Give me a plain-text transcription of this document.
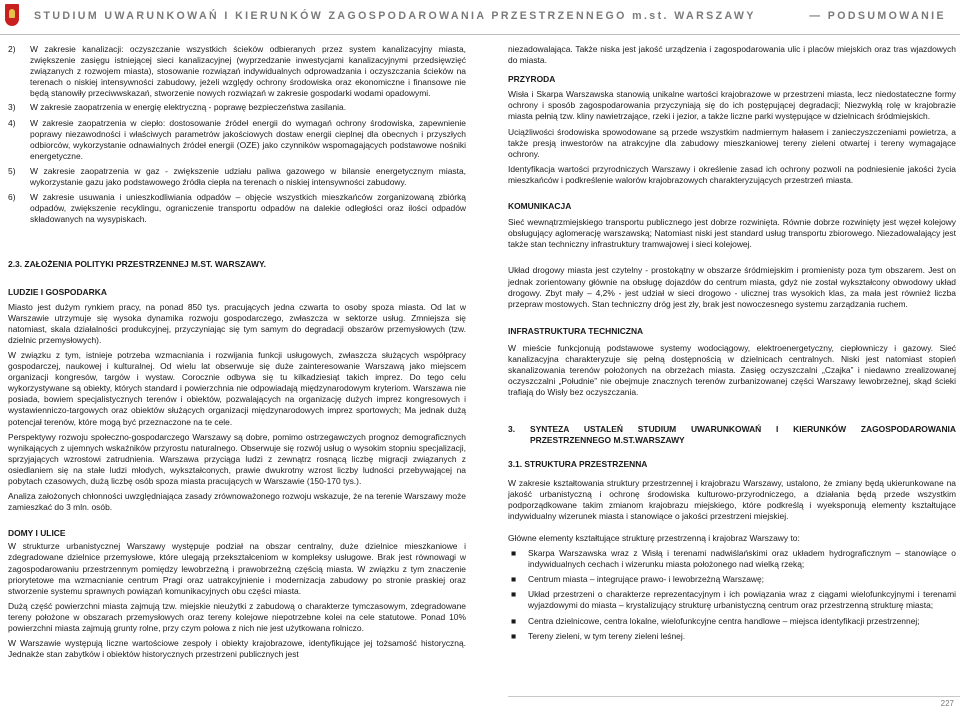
STUDIUM UWARUNKOWAŃ I KIERUNKÓW ZAGOSPODAROWANIA PRZESTRZENNEGO m.st. WARSZAWY	— PODSUMOWANIE
2)	W zakresie kanalizacji: oczyszczanie wszystkich ścieków odbieranych przez system kanalizacyjny miasta, zwiększenie zasięgu istniejącej sieci kanalizacyjnej (wyprzedzanie inwestycjami kanalizacyjnymi przedsięwzięć związanych z rozwojem miasta), stosowanie rozwiązań indywidualnych odprowadzania i oczyszczania ścieków na terenach o niskiej intensywności zabudowy, jeżeli względy ochrony środowiska oraz ekonomiczne i finansowe nie będą stanowiły przeciwwskazań, stworzenie nowych rozwiązań w zakresie gospodarki wodami opadowymi.
3)	W zakresie zaopatrzenia w energię elektryczną - poprawę bezpieczeństwa zasilania.
4)	W zakresie zaopatrzenia w ciepło: dostosowanie źródeł energii do wymagań ochrony środowiska, zapewnienie poprawy niezawodności i właściwych parametrów jakościowych dostaw energii cieplnej dla obecnych i przyszłych odbiorców, wykorzystanie odnawialnych źródeł energii (OZE) jako czynników wspomagających podstawowe nośniki energetyczne.
5)	W zakresie zaopatrzenia w gaz - zwiększenie udziału paliwa gazowego w bilansie energetycznym miasta, wykorzystanie gazu jako podstawowego źródła ciepła na terenach o niskiej intensywności zabudowy.
6)	W zakresie usuwania i unieszkodliwiania odpadów – objęcie wszystkich mieszkańców zorganizowaną zbiórką odpadów, zwiększenie recyklingu, ograniczenie transportu odpadów na dalekie odległości oraz ilości odpadów składowanych na wysypiskach.

2.3. ZAŁOŻENIA POLITYKI PRZESTRZENNEJ M.ST. WARSZAWY.

LUDZIE I GOSPODARKA

Miasto jest dużym rynkiem pracy, na ponad 850 tys. pracujących jedna czwarta to osoby spoza miasta. Od lat w Warszawie utrzymuje się wysoka dynamika rozwoju gospodarczego, zwłaszcza w sektorze usług. Zmniejsza się natomiast, skala działalności produkcyjnej, przyczyniając się tym samym do degradacji obszarów przemysłowych (tzw. dzielnic przemysłowych).

W związku z tym, istnieje potrzeba wzmacniania i rozwijania funkcji usługowych, zwłaszcza służących współpracy gospodarczej, naukowej i kulturalnej. Od wielu lat obserwuje się duże zainteresowanie Warszawą jako miejscem organizacji kongresów, targów i wystaw. Corocznie odbywa się tu kilkadziesiąt takich imprez. Do tego celu wykorzystywane są obiekty, których standard i powierzchnia nie odpowiadają międzynarodowym kryteriom. Warszawa nie posiada, bowiem specjalistycznych terenów i obiektów, pozwalających na organizację dużych imprez kongresowych i wystawienniczo-targowych oraz obiektów służących organizacji międzynarodowych imprez sportowych; Ma jednak dużą potencjał terenów, które mogą być przeznaczone na te cele.

Perspektywy rozwoju społeczno-gospodarczego Warszawy są dobre, pomimo ostrzegawczych prognoz demograficznych wynikających z ujemnych wskaźników przyrostu naturalnego. Obserwuje się rozwój usług o wysokim stopniu specjalizacji, sprzyjających wzrostowi zatrudnienia. Warszawa przyciąga ludzi z zewnątrz rosnącą liczbę migracji związanych z osiedlaniem się na stałe ludzi młodych, wykształconych, prawie dwukrotny wzrost liczby ludności przebywającej na pobytach czasowych, dużą liczbę osób spoza miasta pracujących w Warszawie (150-170 tys.).

Analiza założonych chłonności uwzględniająca zasady zrównoważonego rozwoju wskazuje, że na terenie Warszawy może zamieszkać do 3 mln. osób.

DOMY I ULICE

W strukturze urbanistycznej Warszawy występuje podział na obszar centralny, duże dzielnice mieszkaniowe i zdegradowane dzielnice przemysłowe, które ulegają przekształceniom w kompleksy usługowe. Brak jest równowagi w zagospodarowaniu przestrzennym pomiędzy lewobrzeżną i prawobrzeżną częścią miasta. W związku z tym znaczenie priorytetowe ma wzmacnianie centrum Pragi oraz uatrakcyjnienie i modernizacja zabudowy po stronie praskiej oraz stworzenie systemu sprawnych powiązań komunikacyjnych obu części miasta.

Dużą część powierzchni miasta zajmują tzw. miejskie nieużytki z zabudową o charakterze tymczasowym, zdegradowane tereny położone w obszarach przemysłowych oraz tereny kolejowe niepotrzebne kolei na cele statutowe. Ponad 10% powierzchni miasta zajmują grunty rolne, przy czym połowa z nich nie jest użytkowana rolniczo.

W Warszawie występują liczne wartościowe zespoły i obiekty krajobrazowe, identyfikujące jej tożsamość historyczną. Jednakże stan zabytków i obiektów historycznych przestrzeni publicznych jest

niezadowalająca. Także niska jest jakość urządzenia i zagospodarowania ulic i placów miejskich oraz tras wjazdowych do miasta.

PRZYRODA

Wisła i Skarpa Warszawska stanowią unikalne wartości krajobrazowe w przestrzeni miasta, lecz niedostateczne formy ochrony i sposób zagospodarowania przyczyniają się do ich postępującej degradacji; Niezwykłą rolę w krajobrazie miasta pełnią tzw. kliny nawietrzające, rzeki i jezior, a także liczne parki występujące w dzielnicach śródmiejskich.

Uciążliwości środowiska spowodowane są przede wszystkim nadmiernym hałasem i zanieczyszczeniami powietrza, a także presją inwestorów na atrakcyjne dla zabudowy mieszkaniowej tereny zieleni otwartej i tereny wymagające ochrony.

Identyfikacja wartości przyrodniczych Warszawy i określenie zasad ich ochrony pozwoli na podniesienie jakości życia mieszkańców i podkreślenie walorów krajobrazowych charakteryzujących przestrzeń miasta.

KOMUNIKACJA

Sieć wewnątrzmiejskiego transportu publicznego jest dobrze rozwinięta. Równie dobrze rozwinięty jest węzeł kolejowy obsługujący aglomerację warszawską; Natomiast niski jest standard usług transportu zbiorowego. Niezadowalający jest także stan techniczny infrastruktury tramwajowej i sieci kolejowej.

Układ drogowy miasta jest czytelny - prostokątny w obszarze śródmiejskim i promienisty poza tym obszarem. Jest on jednak zorientowany głównie na obsługę dojazdów do centrum miasta, gdyż nie został wykształcony obwodowy układ drogowy. Zbyt mały – 4,2% - jest udział w sieci drogowo - ulicznej tras wysokich klas, za mała jest również liczba przepraw mostowych. Stan techniczny dróg jest zły, brak jest nowoczesnego systemu zarządzania ruchem.

INFRASTRUKTURA TECHNICZNA

W mieście funkcjonują podstawowe systemy wodociągowy, elektroenergetyczny, ciepłowniczy i gazowy. Sieć kanalizacyjna charakteryzuje się pełną dostępnością w dzielnicach centralnych. Niski jest natomiast stopień skanalizowania terenów położonych na obrzeżach miasta. Zasięg oczyszczalni „Czajka” i niedawno zrealizowanej oczyszczalni „Południe” nie obejmuje znacznych terenów zurbanizowanej części Warszawy lewobrzeżnej, skąd ścieki trafiają do Wisły bez oczyszczania.

3.	SYNTEZA USTALEŃ STUDIUM UWARUNKOWAŃ I KIERUNKÓW ZAGOSPODAROWANIA PRZESTRZENNEGO M.ST.WARSZAWY

3.1. STRUKTURA PRZESTRZENNA

W zakresie kształtowania struktury przestrzennej i krajobrazu Warszawy, ustalono, że zmiany będą ukierunkowane na jakość urbanistyczną i ochronę środowiska kulturowo-przyrodniczego, a działania będą przede wszystkim podporządkowane takim zmianom krajobrazu miejskiego, które podkreślą i wyeksponują elementy kształtujące indywidualny wizerunek miasta i stanowiące o jakości przestrzeni miejskiej.

Główne elementy kształtujące strukturę przestrzenną i krajobraz Warszawy to:

■	Skarpa Warszawska wraz z Wisłą i terenami nadwiślańskimi oraz układem hydrograficznym – stanowiące o indywidualnych cechach i wizerunku miasta położonego nad wielką rzeką;
■	Centrum miasta – integrujące prawo- i lewobrzeżną Warszawę;
■	Układ przestrzeni o charakterze reprezentacyjnym i ich powiązania wraz z ciągami wielofunkcyjnymi i terenami wyjazdowymi do miasta – krystalizujący strukturę urbanistyczną centrum oraz przestrzenną strukturę miasta;
■	Centra dzielnicowe, centra lokalne, wielofunkcyjne centra handlowe – miejsca identyfikacji przestrzennej;
■	Tereny zieleni, w tym tereny zieleni leśnej.
227
